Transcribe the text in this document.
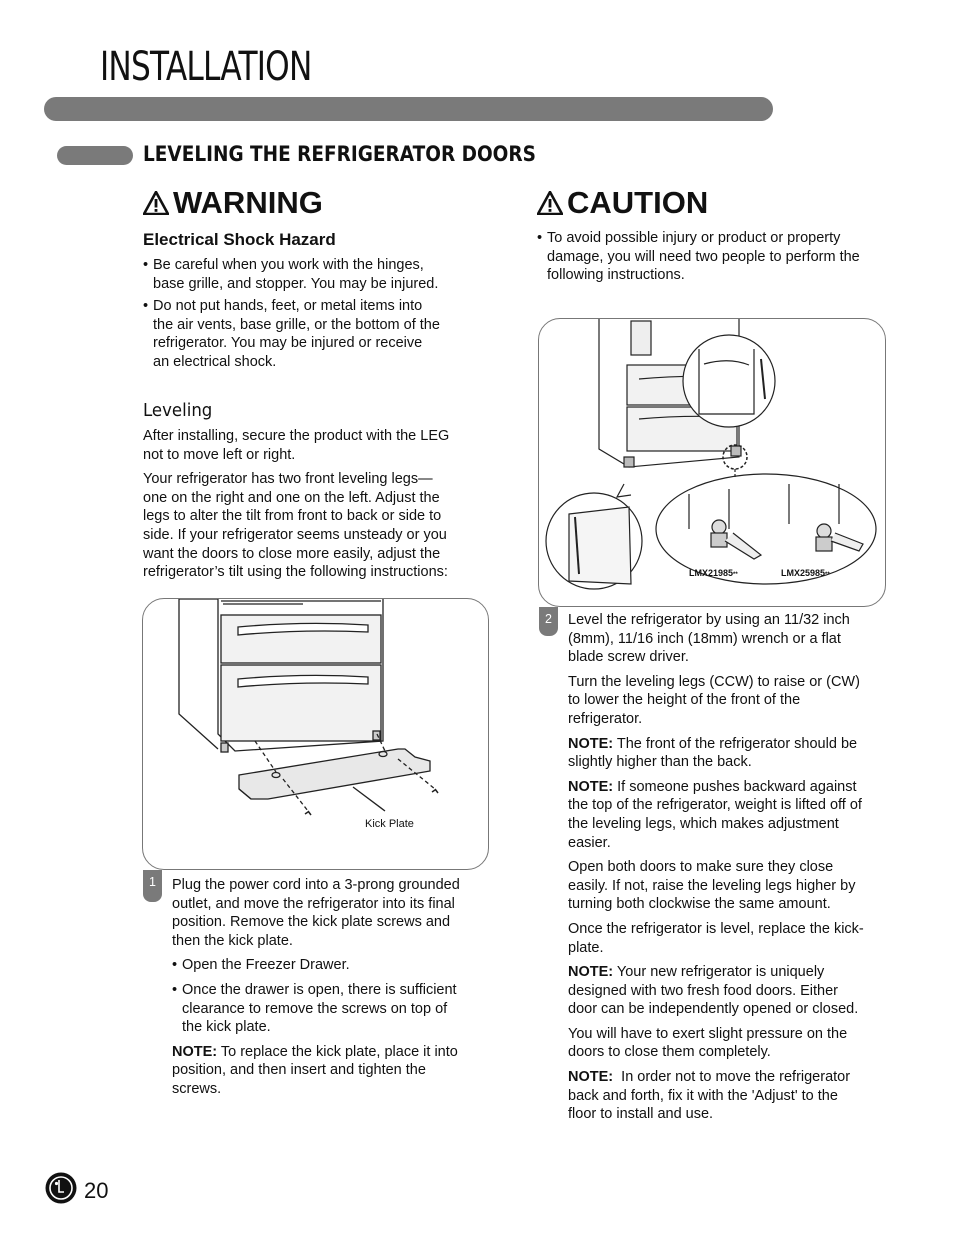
INSTALLATION
LEVELING THE REFRIGERATOR DOORS
WARNING
Electrical Shock Hazard
• Be careful when you work with the hinges,
base grille, and stopper. You may be injured.
• Do not put hands, feet, or metal items into
the air vents, base grille, or the bottom of the
refrigerator. You may be injured or receive
an electrical shock.
Leveling
After installing, secure the product with the LEG
not to move left or right.
Your refrigerator has two front leveling legs—
one on the right and one on the left. Adjust the
legs to alter the tilt from front to back or side to
side. If your refrigerator seems unsteady or you
want the doors to close more easily, adjust the
refrigerator’s tilt using the following instructions:
Kick Plate
1	Plug the power cord into a 3-prong grounded
outlet, and move the refrigerator into its final
position. Remove the kick plate screws and
then the kick plate.
• Open the Freezer Drawer.
• Once the drawer is open, there is sufficient
clearance to remove the screws on top of
the kick plate.
NOTE: To replace the kick plate, place it into
position, and then insert and tighten the
screws.
CAUTION
• To avoid possible injury or product or property
damage, you will need two people to perform the
following instructions.
LMX21985**	LMX25985**
2	Level the refrigerator by using an 11/32 inch
(8mm), 11/16 inch (18mm) wrench or a flat
blade screw driver.
Turn the leveling legs (CCW) to raise or (CW)
to lower the height of the front of the
refrigerator.
NOTE: The front of the refrigerator should be
slightly higher than the back.
NOTE: If someone pushes backward against
the top of the refrigerator, weight is lifted off of
the leveling legs, which makes adjustment
easier.
Open both doors to make sure they close
easily. If not, raise the leveling legs higher by
turning both clockwise the same amount.
Once the refrigerator is level, replace the kick-
plate.
NOTE: Your new refrigerator is uniquely
designed with two fresh food doors. Either
door can be independently opened or closed.
You will have to exert slight pressure on the
doors to close them completely.
NOTE:  In order not to move the refrigerator
back and forth, fix it with the 'Adjust' to the
floor to install and use.
LG
20
